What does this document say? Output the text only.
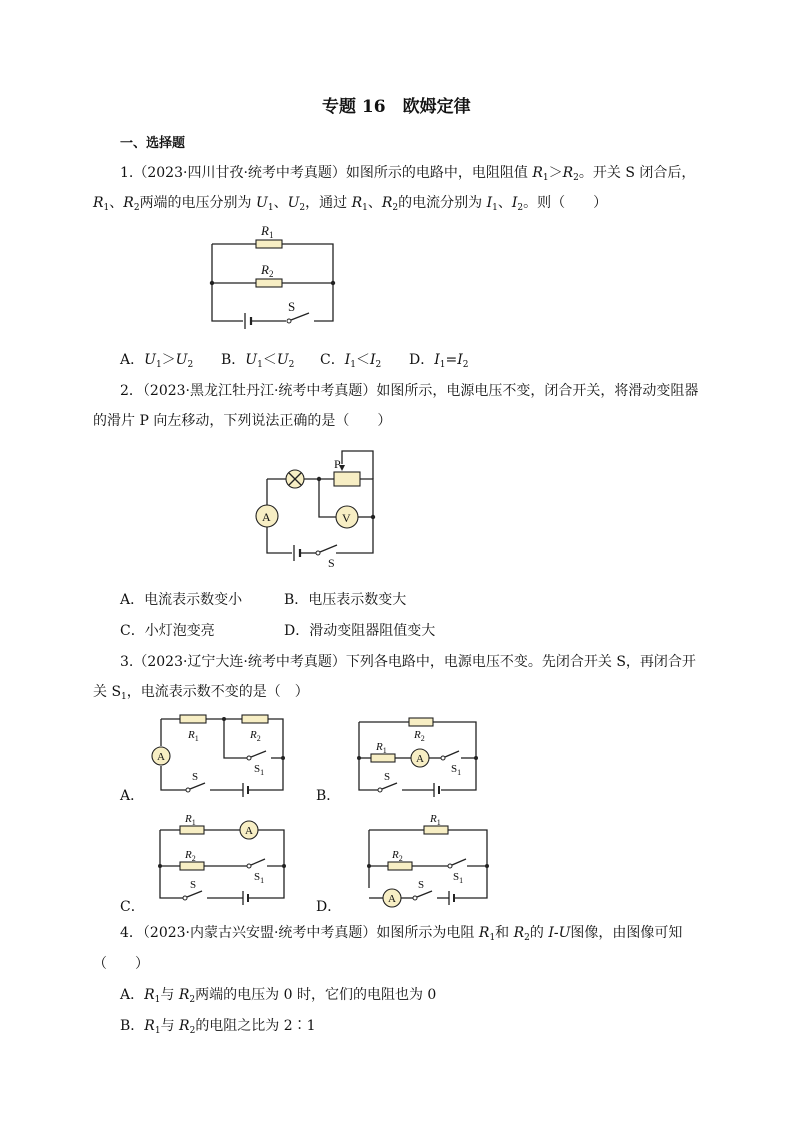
专题 16　欧姆定律
一、选择题
1.（2023·四川甘孜·统考中考真题）如图所示的电路中，电阻阻值 $R_1>R_2$。开关 S 闭合后，
$R_1$、$R_2$两端的电压分别为 $U_1$、$U_2$，通过 $R_1$、$R_2$的电流分别为 $I_1$、$I_2$。则（　　）
$R_1$
$R_2$
S
A．$U_1>U_2$ B．$U_1<U_2$ C．$I_1<I_2$ D．$I_1=I_2$
2．（2023·黑龙江牡丹江·统考中考真题）如图所示，电源电压不变，闭合开关，将滑动变阻器
的滑片 P 向左移动，下列说法正确的是（　　）
A	V
P
S
A．电流表示数变小	B．电压表示数变大
C．小灯泡变亮	D．滑动变阻器阻值变大
3.（2023·辽宁大连·统考中考真题）下列各电路中，电源电压不变。先闭合开关 S，再闭合开
关 $S_1$，电流表示数不变的是（　）
A
$R_1$	$R_2$
$S_1$
S
A
$R_2$
$R_1$
$S_1$
S
A
$R_1$
$R_2$
$S_1$
S
A
$R_1$
$R_2$
$S_1$
S
A．	B．
C．	D．
4．（2023·内蒙古兴安盟·统考中考真题）如图所示为电阻 $R_1$和 $R_2$的 I-U图像，由图像可知
（　　）
A．$R_1$与 $R_2$两端的电压为 0 时，它们的电阻也为 0
B．$R_1$与 $R_2$的电阻之比为 2∶1
